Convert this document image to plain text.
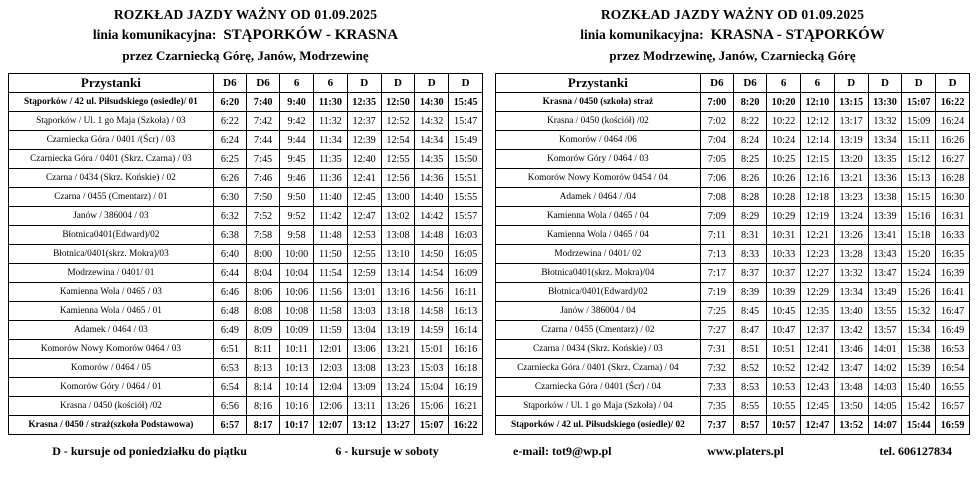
ROZKŁAD JAZDY WAŻNY OD 01.09.2025
linia komunikacyjna: STĄPORKÓW - KRASNA
przez Czarniecką Górę, Janów, Modrzewinę
Przystanki	D6	D6	6	6	D	D	D	D
Stąporków / 42 ul. Piłsudskiego (osiedle)/ 01	6:20	7:40	9:40	11:30	12:35	12:50	14:30	15:45
Stąporków / Ul. 1 go Maja (Szkoła) / 03	6:22	7:42	9:42	11:32	12:37	12:52	14:32	15:47
Czarniecka Góra / 0401 /(Ścr) / 03	6:24	7:44	9:44	11:34	12:39	12:54	14:34	15:49
Czarniecka Góra / 0401 (Skrz. Czarna) / 03	6:25	7:45	9:45	11:35	12:40	12:55	14:35	15:50
Czarna / 0434 (Skrz. Końskie) / 02	6:26	7:46	9:46	11:36	12:41	12:56	14:36	15:51
Czarna / 0455 (Cmentarz) / 01	6:30	7:50	9:50	11:40	12:45	13:00	14:40	15:55
Janów / 386004 / 03	6:32	7:52	9:52	11:42	12:47	13:02	14:42	15:57
Błotnica0401(Edward)/02	6:38	7:58	9:58	11:48	12:53	13:08	14:48	16:03
Błotnica/0401(skrz. Mokra)/03	6:40	8:00	10:00	11:50	12:55	13:10	14:50	16:05
Modrzewina / 0401/ 01	6:44	8:04	10:04	11:54	12:59	13:14	14:54	16:09
Kamienna Wola / 0465 / 03	6:46	8:06	10:06	11:56	13:01	13:16	14:56	16:11
Kamienna Wola / 0465 / 01	6:48	8:08	10:08	11:58	13:03	13:18	14:58	16:13
Adamek / 0464 / 03	6:49	8:09	10:09	11:59	13:04	13:19	14:59	16:14
Komorów Nowy Komorów 0464 / 03	6:51	8:11	10:11	12:01	13:06	13:21	15:01	16:16
Komorów / 0464 / 05	6:53	8:13	10:13	12:03	13:08	13:23	15:03	16:18
Komorów Góry / 0464 / 01	6:54	8:14	10:14	12:04	13:09	13:24	15:04	16:19
Krasna / 0450 (kościół) /02	6:56	8:16	10:16	12:06	13:11	13:26	15:06	16:21
Krasna / 0450 / straż(szkoła Podstawowa)	6:57	8:17	10:17	12:07	13:12	13:27	15:07	16:22
D - kursuje od poniedziałku do piątku	6 - kursuje w soboty
ROZKŁAD JAZDY WAŻNY OD 01.09.2025
linia komunikacyjna: KRASNA - STĄPORKÓW
przez Modrzewinę, Janów, Czarniecką Górę
Przystanki	D6	D6	6	6	D	D	D	D
Krasna / 0450 (szkoła) straż	7:00	8:20	10:20	12:10	13:15	13:30	15:07	16:22
Krasna / 0450 (kościół) /02	7:02	8:22	10:22	12:12	13:17	13:32	15:09	16:24
Komorów / 0464 /06	7:04	8:24	10:24	12:14	13:19	13:34	15:11	16:26
Komorów Góry / 0464 / 03	7:05	8:25	10:25	12:15	13:20	13:35	15:12	16:27
Komorów Nowy Komorów 0454 / 04	7:06	8:26	10:26	12:16	13:21	13:36	15:13	16:28
Adamek / 0464 / /04	7:08	8:28	10:28	12:18	13:23	13:38	15:15	16:30
Kamienna Wola / 0465 / 04	7:09	8:29	10:29	12:19	13:24	13:39	15:16	16:31
Kamienna Wola / 0465 / 04	7:11	8:31	10:31	12:21	13:26	13:41	15:18	16:33
Modrzewina / 0401/ 02	7:13	8:33	10:33	12:23	13:28	13:43	15:20	16:35
Błotnica0401(skrz. Mokra)/04	7:17	8:37	10:37	12:27	13:32	13:47	15:24	16:39
Błotnica/0401(Edward)/02	7:19	8:39	10:39	12:29	13:34	13:49	15:26	16:41
Janów / 386004 / 04	7:25	8:45	10:45	12:35	13:40	13:55	15:32	16:47
Czarna / 0455 (Cmentarz) / 02	7:27	8:47	10:47	12:37	13:42	13:57	15:34	16:49
Czarna / 0434 (Skrz. Końskie) / 03	7:31	8:51	10:51	12:41	13:46	14:01	15:38	16:53
Czarniecka Góra / 0401 (Skrz. Czarna) / 04	7:32	8:52	10:52	12:42	13:47	14:02	15:39	16:54
Czarniecka Góra / 0401 (Ścr) / 04	7:33	8:53	10:53	12:43	13:48	14:03	15:40	16:55
Stąporków / Ul. 1 go Maja (Szkoła) / 04	7:35	8:55	10:55	12:45	13:50	14:05	15:42	16:57
Stąporków / 42 ul. Piłsudskiego (osiedle)/ 02	7:37	8:57	10:57	12:47	13:52	14:07	15:44	16:59
e-mail: tot9@wp.pl	www.platers.pl	tel. 606127834
